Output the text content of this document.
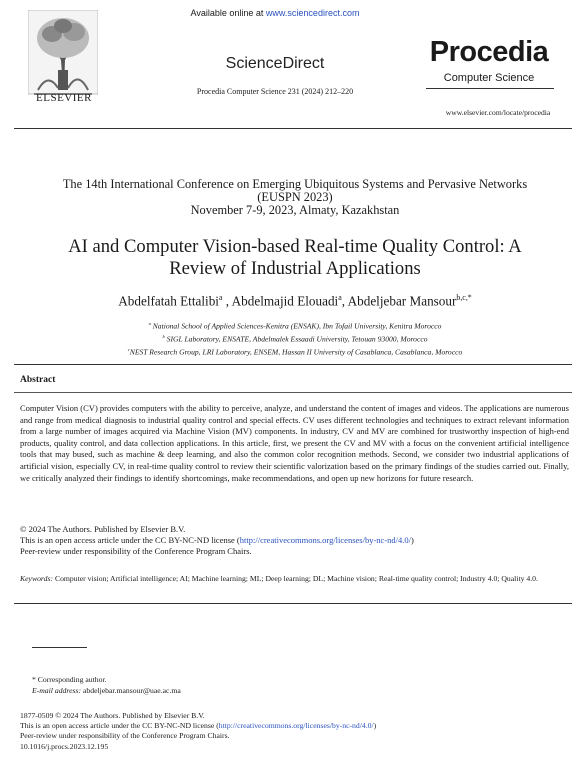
ELSEVIER
Available online at www.sciencedirect.com
ScienceDirect
Procedia Computer Science 231 (2024) 212–220
Procedia
Computer Science
www.elsevier.com/locate/procedia
The 14th International Conference on Emerging Ubiquitous Systems and Pervasive Networks
(EUSPN 2023)
November 7-9, 2023, Almaty, Kazakhstan
AI and Computer Vision-based Real-time Quality Control: A
Review of Industrial Applications
Abdelfatah Ettalibi$^a$ , Abdelmajid Elouadi$^a$, Abdeljebar Mansour$^{b,c,*}$
$^a$ National School of Applied Sciences-Kenitra (ENSAK), Ibn Tofail University, Kenitra Morocco
$^b$ SIGL Laboratory, ENSATE, Abdelmalek Essaadi University, Tetouan 93000, Morocco
$^c$NEST Research Group, LRI Laboratory, ENSEM, Hassan II University of Casablanca, Casablanca, Morocco
Abstract
Computer Vision (CV) provides computers with the ability to perceive, analyze, and understand the content of images and videos. The applications are numerous and range from medical diagnosis to industrial quality control and special effects. CV uses different technologies and techniques to extract relevant information from a large number of images acquired via Machine Vision (MV) components. In industry, CV and MV are combined for trustworthy inspection of high-end products, quality control, and data collection applications. In this article, first, we present the CV and MV with a focus on the convenient artificial intelligence tools that may bused, such as machine & deep learning, and also the common color recognition methods. Second, we consider two industrial applications of artificial vision, especially CV, in real-time quality control to review their scientific valorization based on the primary findings of the studies carried out. Finally, we critically analyzed their findings to identify shortcomings, make recommendations, and open up new horizons for future research.
© 2024 The Authors. Published by Elsevier B.V.
This is an open access article under the CC BY-NC-ND license (http://creativecommons.org/licenses/by-nc-nd/4.0/)
Peer-review under responsibility of the Conference Program Chairs.
Keywords: Computer vision; Artificial intelligence; AI; Machine learning; ML; Deep learning; DL; Machine vision; Real-time quality control; Industry 4.0; Quality 4.0.
* Corresponding author.
E-mail address: abdeljebar.mansour@uae.ac.ma
1877-0509 © 2024 The Authors. Published by Elsevier B.V.
This is an open access article under the CC BY-NC-ND license (http://creativecommons.org/licenses/by-nc-nd/4.0/)
Peer-review under responsibility of the Conference Program Chairs.
10.1016/j.procs.2023.12.195
